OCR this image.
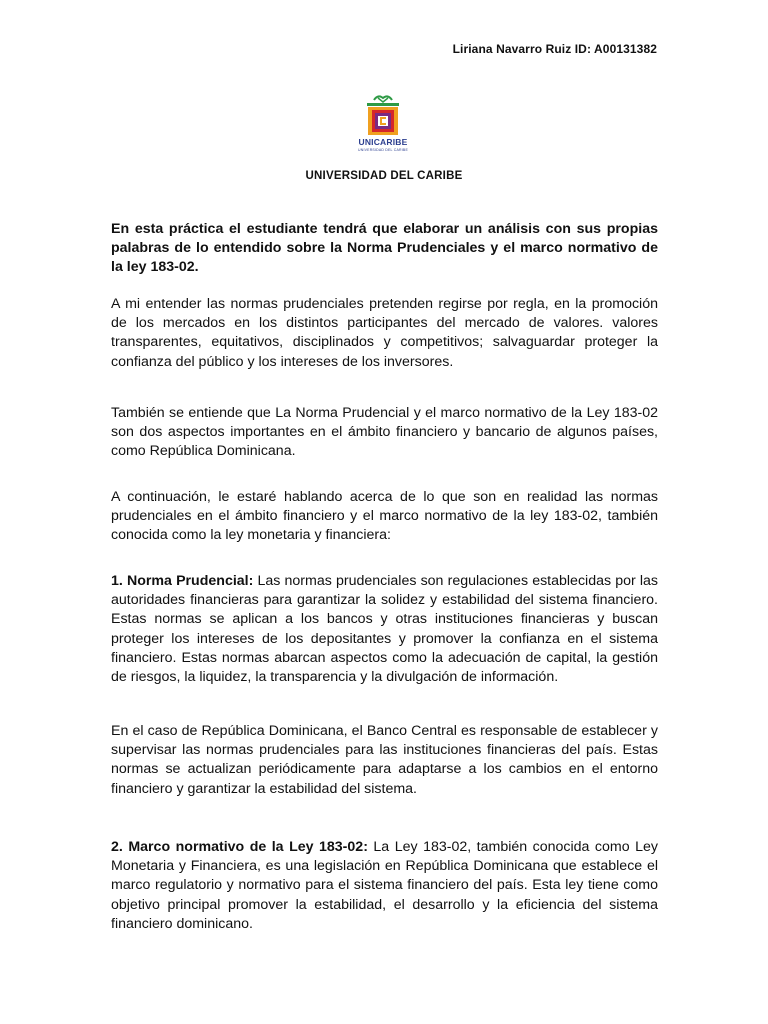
Liriana Navarro Ruiz ID: A00131382
UNICARIBE
UNIVERSIDAD DEL CARIBE
UNIVERSIDAD DEL CARIBE

En esta práctica el estudiante tendrá que elaborar un análisis con sus propias palabras de lo entendido sobre la Norma Prudenciales y el marco normativo de la ley 183-02.

A mi entender las normas prudenciales pretenden regirse por regla, en la promoción de los mercados en los distintos participantes del mercado de valores. valores transparentes, equitativos, disciplinados y competitivos; salvaguardar proteger la confianza del público y los intereses de los inversores.

También se entiende que La Norma Prudencial y el marco normativo de la Ley 183-02 son dos aspectos importantes en el ámbito financiero y bancario de algunos países, como República Dominicana.

A continuación, le estaré hablando acerca de lo que son en realidad las normas prudenciales en el ámbito financiero y el marco normativo de la ley 183-02, también conocida como la ley monetaria y financiera:

1. Norma Prudencial: Las normas prudenciales son regulaciones establecidas por las autoridades financieras para garantizar la solidez y estabilidad del sistema financiero. Estas normas se aplican a los bancos y otras instituciones financieras y buscan proteger los intereses de los depositantes y promover la confianza en el sistema financiero. Estas normas abarcan aspectos como la adecuación de capital, la gestión de riesgos, la liquidez, la transparencia y la divulgación de información.

En el caso de República Dominicana, el Banco Central es responsable de establecer y supervisar las normas prudenciales para las instituciones financieras del país. Estas normas se actualizan periódicamente para adaptarse a los cambios en el entorno financiero y garantizar la estabilidad del sistema.

2. Marco normativo de la Ley 183-02: La Ley 183-02, también conocida como Ley Monetaria y Financiera, es una legislación en República Dominicana que establece el marco regulatorio y normativo para el sistema financiero del país. Esta ley tiene como objetivo principal promover la estabilidad, el desarrollo y la eficiencia del sistema financiero dominicano.
